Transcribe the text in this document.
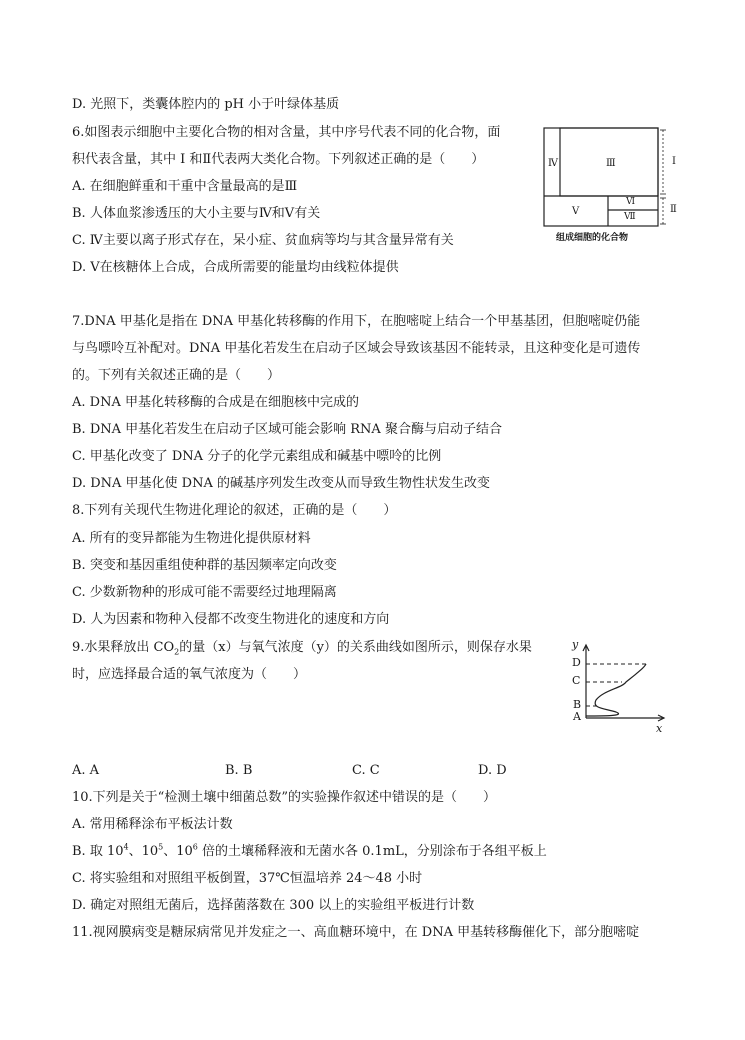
D. 光照下，类囊体腔内的 pH 小于叶绿体基质
6.如图表示细胞中主要化合物的相对含量，其中序号代表不同的化合物，面
积代表含量，其中 I 和Ⅱ代表两大类化合物。下列叙述正确的是（　　）
A. 在细胞鲜重和干重中含量最高的是Ⅲ
B. 人体血浆渗透压的大小主要与Ⅳ和Ⅴ有关
C. Ⅳ主要以离子形式存在，呆小症、贫血病等均与其含量异常有关
D. Ⅴ在核糖体上合成，合成所需要的能量均由线粒体提供
Ⅳ	Ⅲ	I
Ⅴ
Ⅵ
Ⅶ
Ⅱ
组成细胞的化合物
7.DNA 甲基化是指在 DNA 甲基化转移酶的作用下，在胞嘧啶上结合一个甲基基团，但胞嘧啶仍能
与鸟嘌呤互补配对。DNA 甲基化若发生在启动子区域会导致该基因不能转录，且这种变化是可遗传
的。下列有关叙述正确的是（　　）
A. DNA 甲基化转移酶的合成是在细胞核中完成的
B. DNA 甲基化若发生在启动子区域可能会影响 RNA 聚合酶与启动子结合
C. 甲基化改变了 DNA 分子的化学元素组成和碱基中嘌呤的比例
D. DNA 甲基化使 DNA 的碱基序列发生改变从而导致生物性状发生改变
8.下列有关现代生物进化理论的叙述，正确的是（　　）
A. 所有的变异都能为生物进化提供原材料
B. 突变和基因重组使种群的基因频率定向改变
C. 少数新物种的形成可能不需要经过地理隔离
D. 人为因素和物种入侵都不改变生物进化的速度和方向
9.水果释放出 $CO_2$的量（x）与氧气浓度（y）的关系曲线如图所示，则保存水果
时，应选择最合适的氧气浓度为（　　）
y
D
C
B
A
x
A. A	B. B	C. C	D. D
10.下列是关于“检测土壤中细菌总数”的实验操作叙述中错误的是（　　）
A. 常用稀释涂布平板法计数
B. 取 $10^4$、$10^5$、$10^6$ 倍的土壤稀释液和无菌水各 0.1mL，分别涂布于各组平板上
C. 将实验组和对照组平板倒置，37℃恒温培养 24～48 小时
D. 确定对照组无菌后，选择菌落数在 300 以上的实验组平板进行计数
11.视网膜病变是糖尿病常见并发症之一、高血糖环境中，在 DNA 甲基转移酶催化下，部分胞嘧啶
